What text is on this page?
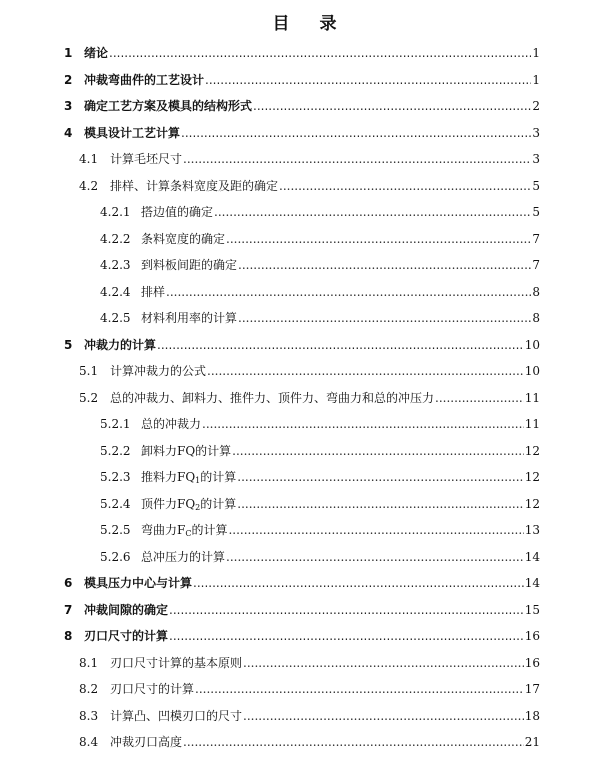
目 录
1 绪论 .....	1
2 冲裁弯曲件的工艺设计 .....	1
3 确定工艺方案及模具的结构形式 .....	2
4 模具设计工艺计算 .....	3
4.1 计算毛坯尺寸 .....	3
4.2 排样、计算条料宽度及距的确定 .....	5
4.2.1 搭边值的确定 .....	5
4.2.2 条料宽度的确定 .....	7
4.2.3 到料板间距的确定 .....	7
4.2.4 排样 .....	8
4.2.5 材料利用率的计算 .....	8
5 冲裁力的计算 .....	10
5.1 计算冲裁力的公式 .....	10
5.2 总的冲裁力、卸料力、推件力、顶件力、弯曲力和总的冲压力 .....	11
5.2.1 总的冲裁力 .....	11
5.2.2 卸料力FQ的计算 .....	12
5.2.3 推料力$FQ_1$的计算 .....	12
5.2.4 顶件力$FQ_2$的计算 .....	12
5.2.5 弯曲力$F_C$的计算 .....	13
5.2.6 总冲压力的计算 .....	14
6 模具压力中心与计算 .....	14
7 冲裁间隙的确定 .....	15
8 刃口尺寸的计算 .....	16
8.1 刃口尺寸计算的基本原则 .....	16
8.2 刃口尺寸的计算 .....	17
8.3 计算凸、凹模刃口的尺寸 .....	18
8.4 冲裁刃口高度 .....	21
